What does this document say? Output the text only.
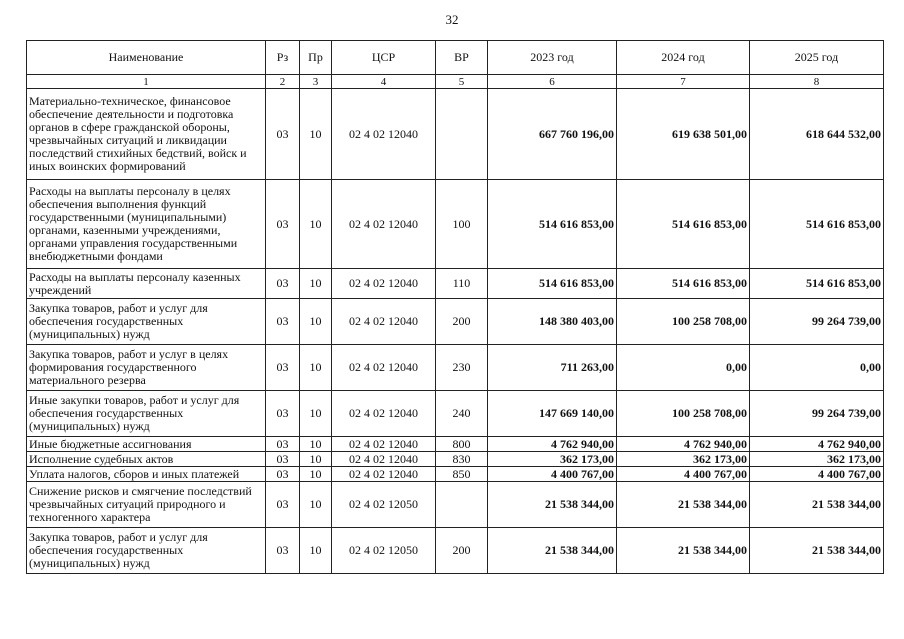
32
Наименование	Рз	Пр	ЦСР	ВР	2023 год	2024 год	2025 год
1	2	3	4	5	6	7	8
Материально-техническое, финансовое обеспечение деятельности и подготовка органов в сфере гражданской обороны, чрезвычайных ситуаций и ликвидации последствий стихийных бедствий, войск и иных воинских формирований	03	10	02 4 02 12040		667 760 196,00	619 638 501,00	618 644 532,00
Расходы на выплаты персоналу в целях обеспечения выполнения функций государственными (муниципальными) органами, казенными учреждениями, органами управления государственными внебюджетными фондами	03	10	02 4 02 12040	100	514 616 853,00	514 616 853,00	514 616 853,00
Расходы на выплаты персоналу казенных учреждений	03	10	02 4 02 12040	110	514 616 853,00	514 616 853,00	514 616 853,00
Закупка товаров, работ и услуг для обеспечения государственных (муниципальных) нужд	03	10	02 4 02 12040	200	148 380 403,00	100 258 708,00	99 264 739,00
Закупка товаров, работ и услуг в целях формирования государственного материального резерва	03	10	02 4 02 12040	230	711 263,00	0,00	0,00
Иные закупки товаров, работ и услуг для обеспечения государственных (муниципальных) нужд	03	10	02 4 02 12040	240	147 669 140,00	100 258 708,00	99 264 739,00
Иные бюджетные ассигнования	03	10	02 4 02 12040	800	4 762 940,00	4 762 940,00	4 762 940,00
Исполнение судебных актов	03	10	02 4 02 12040	830	362 173,00	362 173,00	362 173,00
Уплата налогов, сборов и иных платежей	03	10	02 4 02 12040	850	4 400 767,00	4 400 767,00	4 400 767,00
Снижение рисков и смягчение последствий чрезвычайных ситуаций природного и техногенного характера	03	10	02 4 02 12050		21 538 344,00	21 538 344,00	21 538 344,00
Закупка товаров, работ и услуг для обеспечения государственных (муниципальных) нужд	03	10	02 4 02 12050	200	21 538 344,00	21 538 344,00	21 538 344,00
